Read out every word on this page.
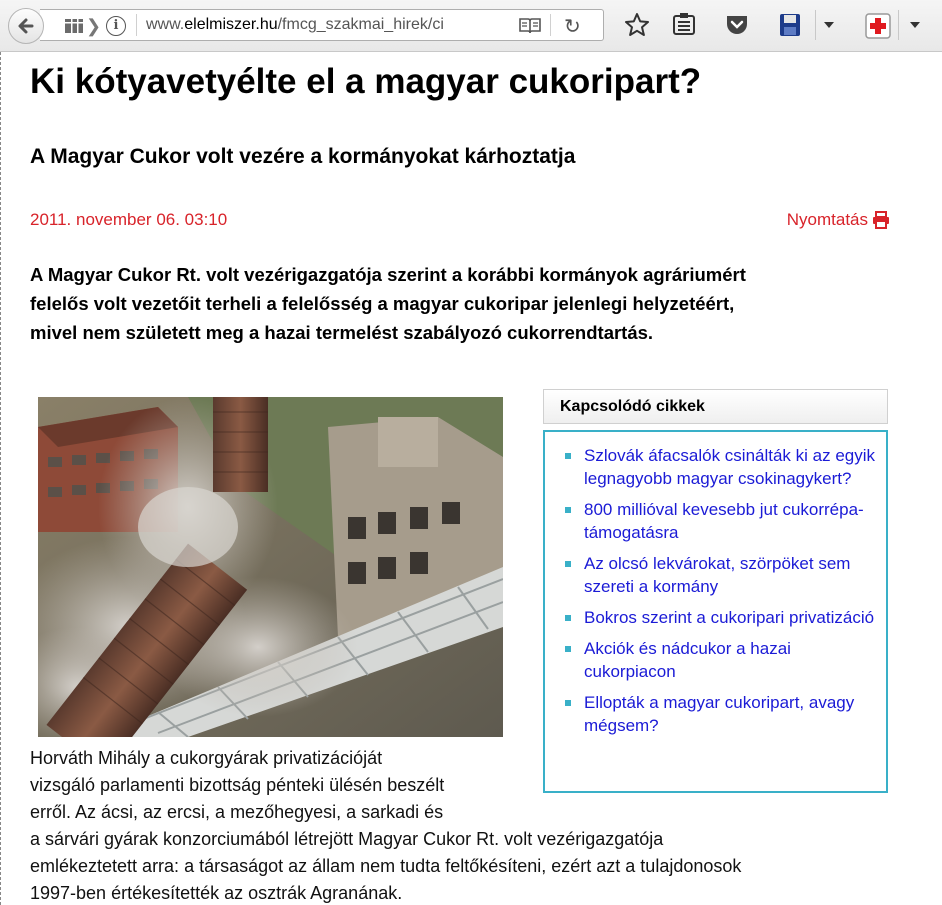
❯ i	www.elelmiszer.hu/fmcg_szakmai_hirek/ci	↻
Ki kótyavetyélte el a magyar cukoripart?
A Magyar Cukor volt vezére a kormányokat kárhoztatja
2011. november 06. 03:10	Nyomtatás

A Magyar Cukor Rt. volt vezérigazgatója szerint a korábbi kormányok agráriumért

felelős volt vezetőit terheli a felelősség a magyar cukoripar jelenlegi helyzetéért,

mivel nem született meg a hazai termelést szabályozó cukorrendtartás.

Kapcsolódó cikkek
Szlovák áfacsalók csinálták ki az egyik legnagyobb magyar csokinagykert?
800 millióval kevesebb jut cukorrépa-támogatásra
Az olcsó lekvárokat, szörpöket sem szereti a kormány
Bokros szerint a cukoripari privatizáció
Akciók és nádcukor a hazai cukorpiacon
Ellopták a magyar cukoripart, avagy mégsem?

Horváth Mihály a cukorgyárak privatizációját

vizsgáló parlamenti bizottság pénteki ülésén beszélt

erről. Az ácsi, az ercsi, a mezőhegyesi, a sarkadi és

a sárvári gyárak konzorciumából létrejött Magyar Cukor Rt. volt vezérigazgatója

emlékeztetett arra: a társaságot az állam nem tudta feltőkésíteni, ezért azt a tulajdonosok

1997-ben értékesítették az osztrák Agranának.
